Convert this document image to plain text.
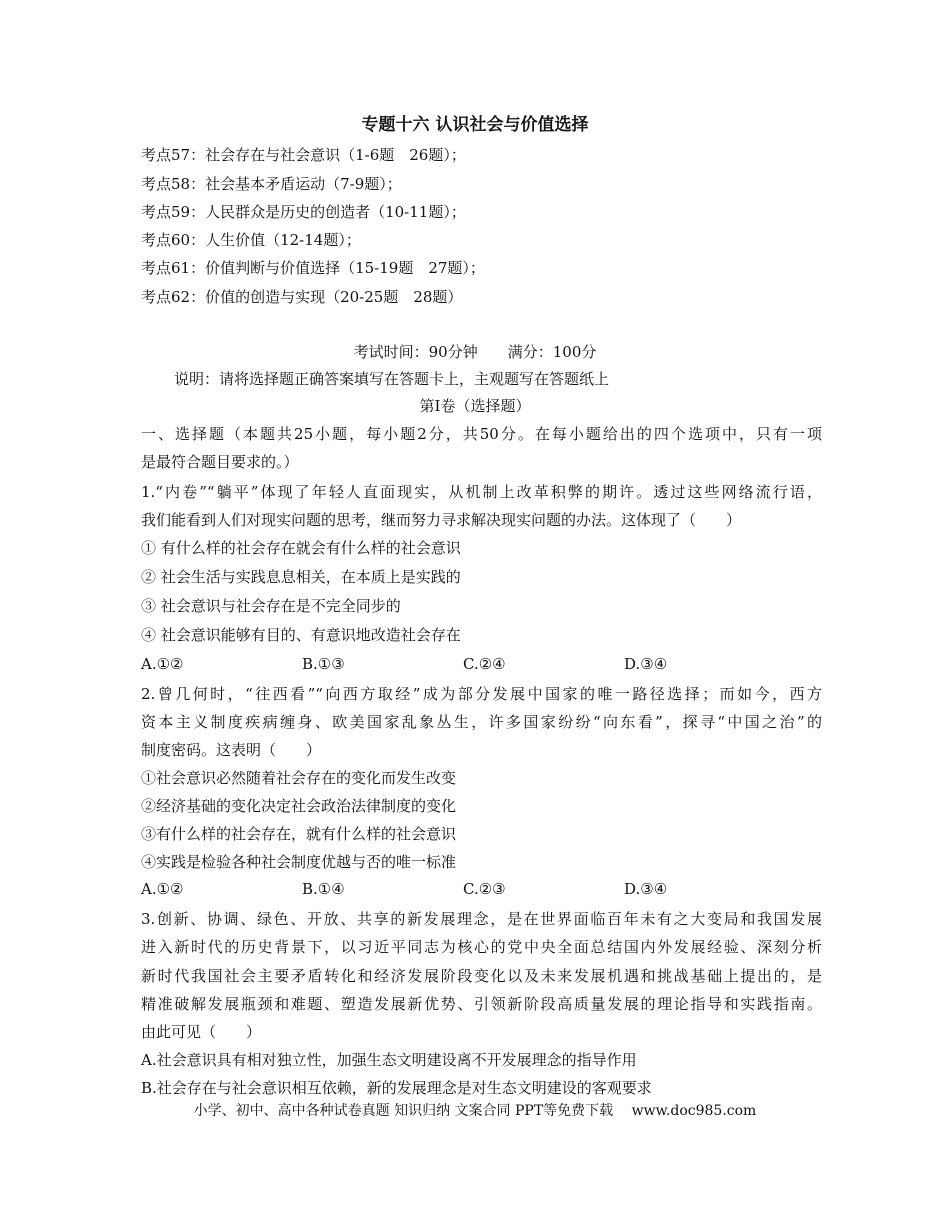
专题十六 认识社会与价值选择
考点57：社会存在与社会意识（1-6题　26题）；
考点58：社会基本矛盾运动（7-9题）；
考点59：人民群众是历史的创造者（10-11题）；
考点60：人生价值（12-14题）；
考点61：价值判断与价值选择（15-19题　27题）；
考点62：价值的创造与实现（20-25题　28题）
考试时间：90分钟　　满分：100分
说明：请将选择题正确答案填写在答题卡上，主观题写在答题纸上
第I卷（选择题）
一、选择题（本题共25小题，每小题2分，共50分。在每小题给出的四个选项中，只有一项
是最符合题目要求的。）
1.“内卷”“躺平”体现了年轻人直面现实，从机制上改革积弊的期许。透过这些网络流行语，
我们能看到人们对现实问题的思考，继而努力寻求解决现实问题的办法。这体现了（　　）
① 有什么样的社会存在就会有什么样的社会意识
② 社会生活与实践息息相关，在本质上是实践的
③ 社会意识与社会存在是不完全同步的
④ 社会意识能够有目的、有意识地改造社会存在
A.①②	B.①③	C.②④	D.③④
2.曾几何时，“往西看”“向西方取经”成为部分发展中国家的唯一路径选择；而如今，西方
资本主义制度疾病缠身、欧美国家乱象丛生，许多国家纷纷“向东看”，探寻“中国之治”的
制度密码。这表明（　　）
①社会意识必然随着社会存在的变化而发生改变
②经济基础的变化决定社会政治法律制度的变化
③有什么样的社会存在，就有什么样的社会意识
④实践是检验各种社会制度优越与否的唯一标准
A.①②	B.①④	C.②③	D.③④
3.创新、协调、绿色、开放、共享的新发展理念，是在世界面临百年未有之大变局和我国发展
进入新时代的历史背景下，以习近平同志为核心的党中央全面总结国内外发展经验、深刻分析
新时代我国社会主要矛盾转化和经济发展阶段变化以及未来发展机遇和挑战基础上提出的，是
精准破解发展瓶颈和难题、塑造发展新优势、引领新阶段高质量发展的理论指导和实践指南。
由此可见（　　）
A.社会意识具有相对独立性，加强生态文明建设离不开发展理念的指导作用
B.社会存在与社会意识相互依赖，新的发展理念是对生态文明建设的客观要求
小学、初中、高中各种试卷真题 知识归纳 文案合同 PPT等免费下载　 www.doc985.com
